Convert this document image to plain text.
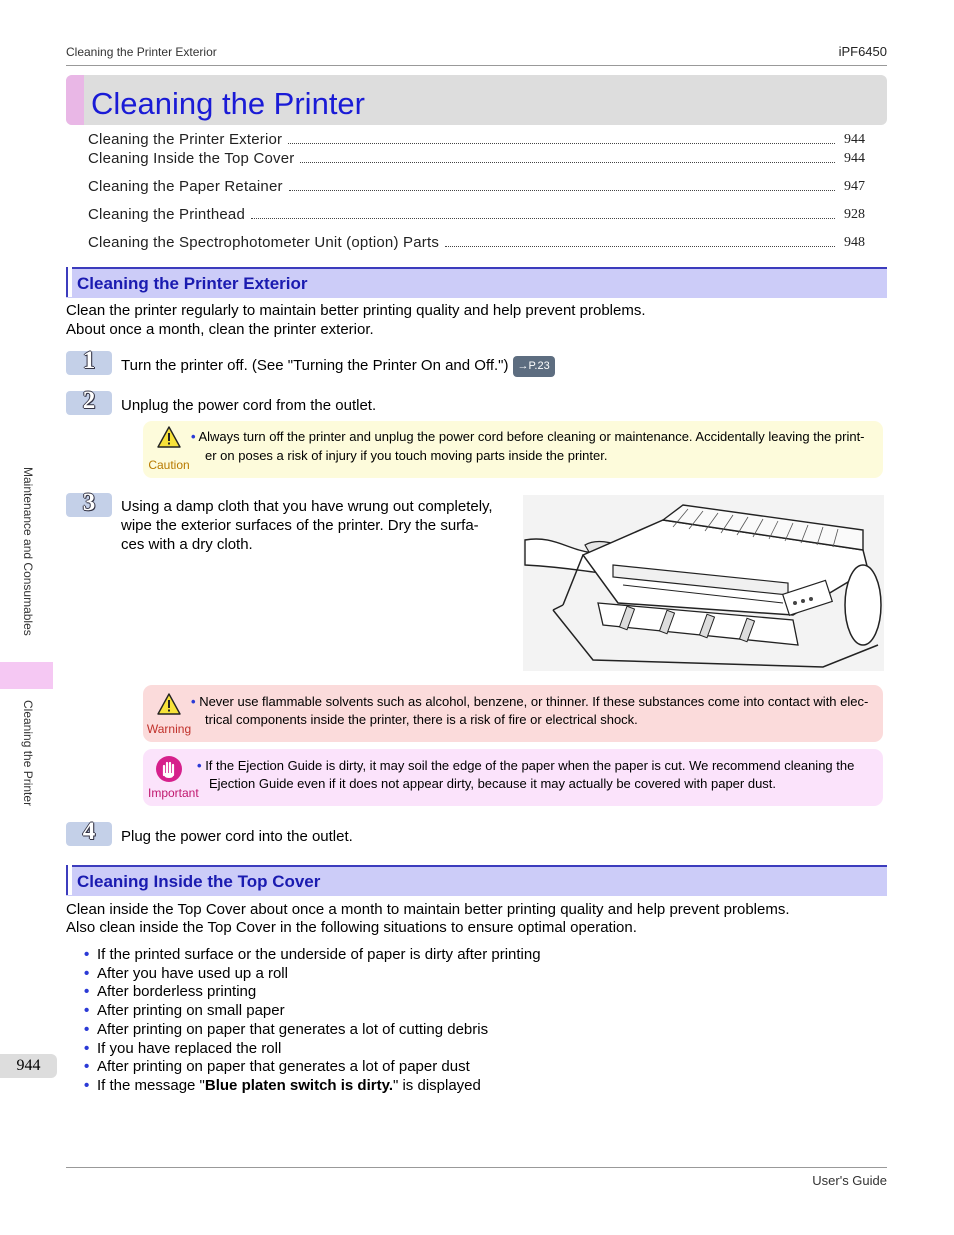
Cleaning the Printer Exterior	iPF6450
Cleaning the Printer
Cleaning the Printer Exterior	944
Cleaning Inside the Top Cover	944
Cleaning the Paper Retainer	947
Cleaning the Printhead	928
Cleaning the Spectrophotometer Unit (option) Parts	948
Cleaning the Printer Exterior
Clean the printer regularly to maintain better printing quality and help prevent problems.
About once a month, clean the printer exterior.
1	Turn the printer off. (See "Turning the Printer On and Off.") →P.23
2	Unplug the power cord from the outlet.
Caution
• Always turn off the printer and unplug the power cord before cleaning or maintenance. Accidentally leaving the print-
er on poses a risk of injury if you touch moving parts inside the printer.
3	Using a damp cloth that you have wrung out completely,
wipe the exterior surfaces of the printer. Dry the surfa-
ces with a dry cloth.
Warning
• Never use flammable solvents such as alcohol, benzene, or thinner. If these substances come into contact with elec-
trical components inside the printer, there is a risk of fire or electrical shock.
Important
• If the Ejection Guide is dirty, it may soil the edge of the paper when the paper is cut. We recommend cleaning the
Ejection Guide even if it does not appear dirty, because it may actually be covered with paper dust.
4	Plug the power cord into the outlet.
Cleaning Inside the Top Cover
Clean inside the Top Cover about once a month to maintain better printing quality and help prevent problems.
Also clean inside the Top Cover in the following situations to ensure optimal operation.
• If the printed surface or the underside of paper is dirty after printing
• After you have used up a roll
• After borderless printing
• After printing on small paper
• After printing on paper that generates a lot of cutting debris
• If you have replaced the roll
• After printing on paper that generates a lot of paper dust
• If the message "Blue platen switch is dirty." is displayed
Maintenance and Consumables
Cleaning the Printer
944
User's Guide
